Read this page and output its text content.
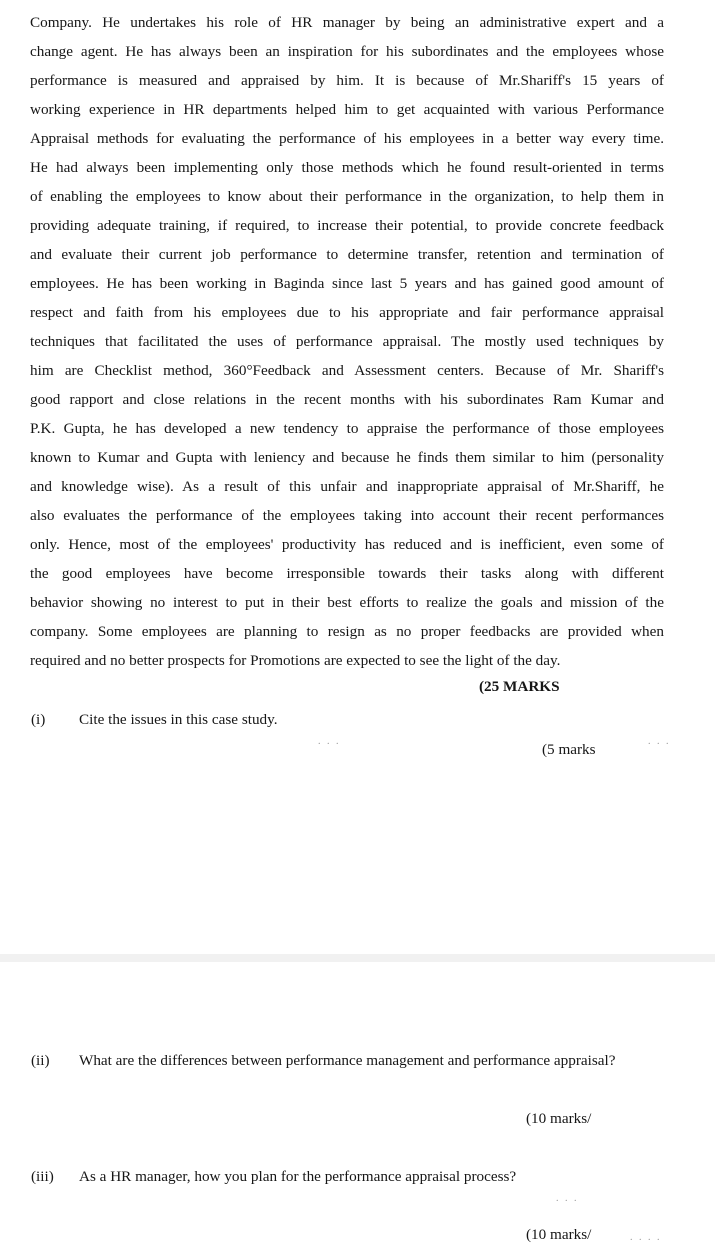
Company. He undertakes his role of HR manager by being an administrative expert and a
change agent. He has always been an inspiration for his subordinates and the employees whose
performance is measured and appraised by him. It is because of Mr.Shariff's 15 years of
working experience in HR departments helped him to get acquainted with various Performance
Appraisal methods for evaluating the performance of his employees in a better way every time.
He had always been implementing only those methods which he found result-oriented in terms
of enabling the employees to know about their performance in the organization, to help them in
providing adequate training, if required, to increase their potential, to provide concrete feedback
and evaluate their current job performance to determine transfer, retention and termination of
employees. He has been working in Baginda since last 5 years and has gained good amount of
respect and faith from his employees due to his appropriate and fair performance appraisal
techniques that facilitated the uses of performance appraisal. The mostly used techniques by
him are Checklist method, 360°Feedback and Assessment centers. Because of Mr. Shariff's
good rapport and close relations in the recent months with his subordinates Ram Kumar and
P.K. Gupta, he has developed a new tendency to appraise the performance of those employees
known to Kumar and Gupta with leniency and because he finds them similar to him (personality
and knowledge wise). As a result of this unfair and inappropriate appraisal of Mr.Shariff, he
also evaluates the performance of the employees taking into account their recent performances
only. Hence, most of the employees' productivity has reduced and is inefficient, even some of
the good employees have become irresponsible towards their tasks along with different
behavior showing no interest to put in their best efforts to realize the goals and mission of the
company. Some employees are planning to resign as no proper feedbacks are provided when
required and no better prospects for Promotions are expected to see the light of the day.
(25 MARKS
(i) Cite the issues in this case study.
(5 marks
. . .	. . .
(ii) What are the differences between performance management and performance appraisal?
(10 marks/
(iii) As a HR manager, how you plan for the performance appraisal process?
(10 marks/
. . .
. . . .
